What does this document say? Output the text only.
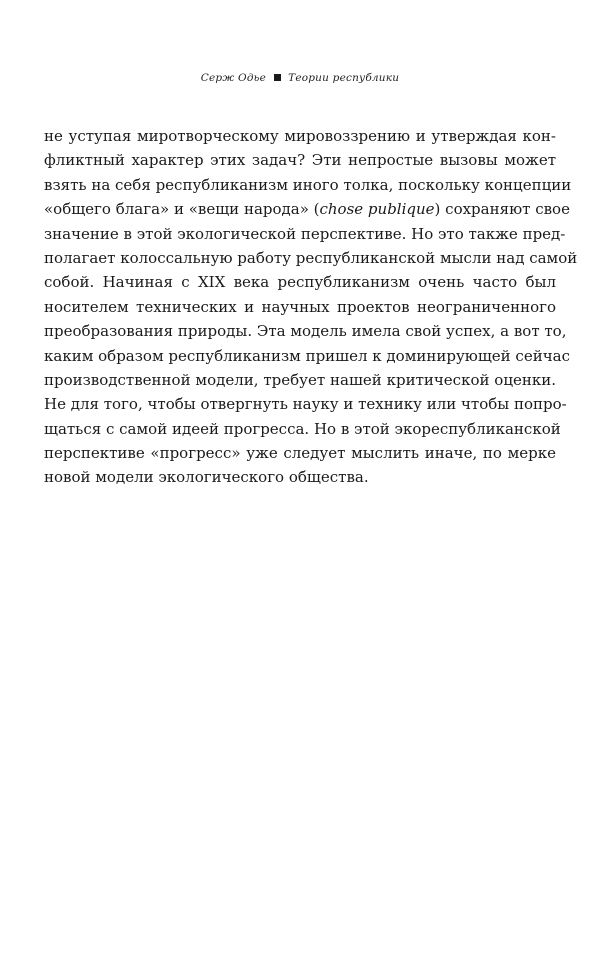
Серж Одье Теории республики
не уступая миротворческому мировоззрению и утверждая кон-
фликтный характер этих задач? Эти непростые вызовы может
взять на себя республиканизм иного толка, поскольку концепции
«общего блага» и «вещи народа» (chose publique) сохраняют свое
значение в этой экологической перспективе. Но это также пред-
полагает колоссальную работу республиканской мысли над самой
собой. Начиная с XIX века республиканизм очень часто был
носителем технических и научных проектов неограниченного
преобразования природы. Эта модель имела свой успех, а вот то,
каким образом республиканизм пришел к доминирующей сейчас
производственной модели, требует нашей критической оценки.
Не для того, чтобы отвергнуть науку и технику или чтобы попро-
щаться с самой идеей прогресса. Но в этой экореспубликанской
перспективе «прогресс» уже следует мыслить иначе, по мерке
новой модели экологического общества.
